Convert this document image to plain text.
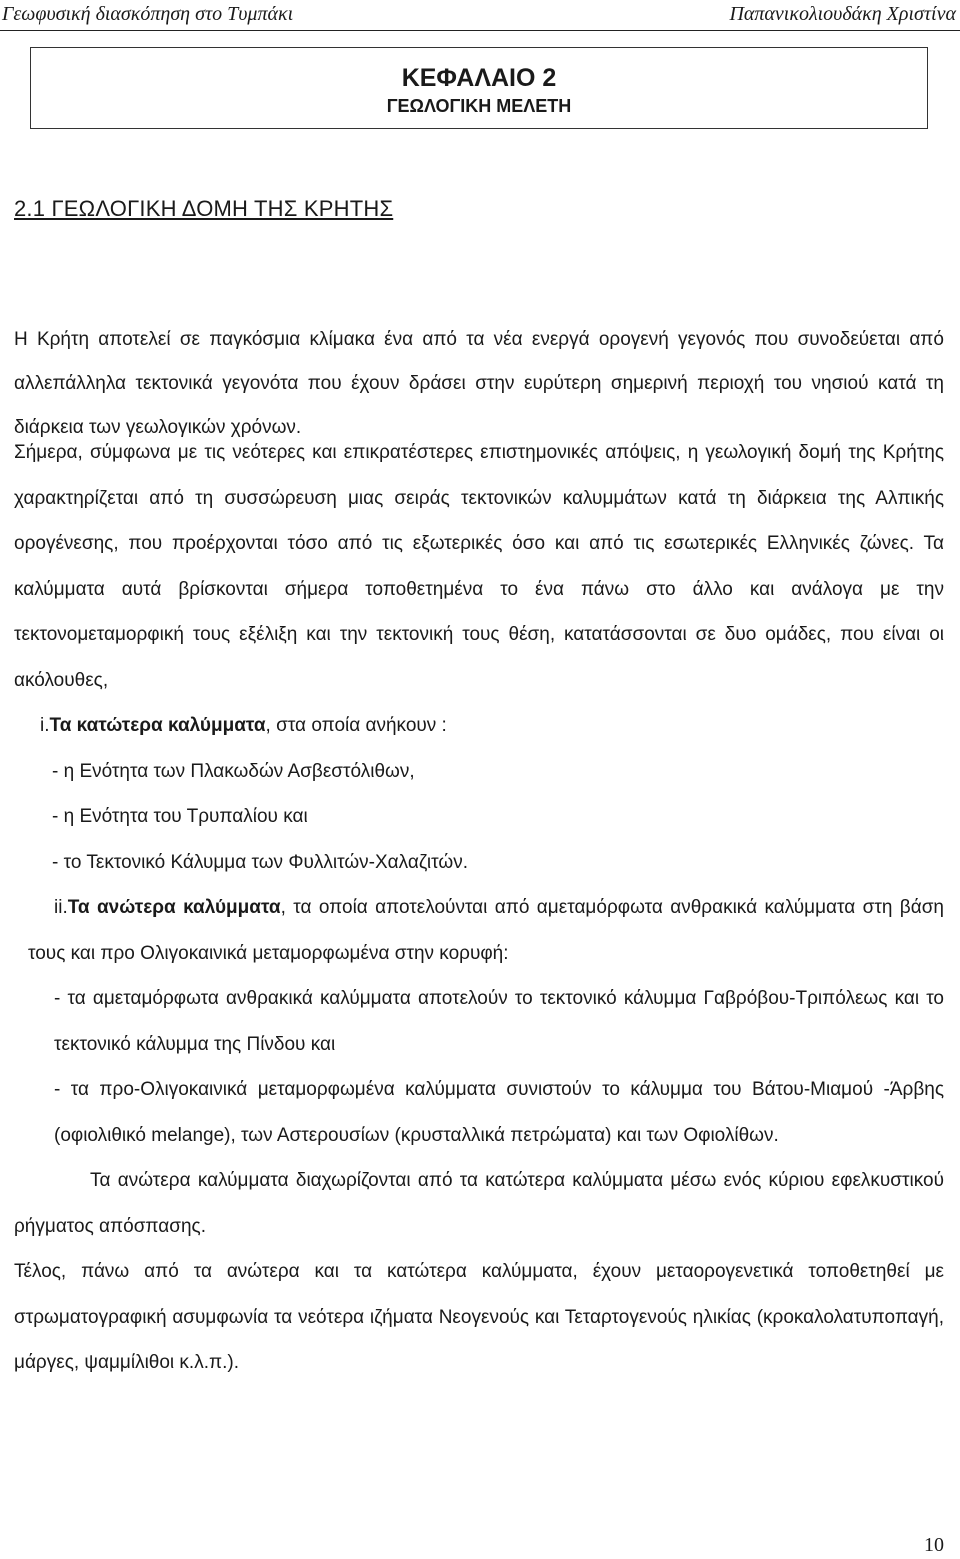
Γεωφυσική διασκόπηση στο Τυμπάκι	Παπανικολιουδάκη Χριστίνα
ΚΕΦΑΛΑΙΟ 2
ΓΕΩΛΟΓΙΚΗ ΜΕΛΕΤΗ
2.1 ΓΕΩΛΟΓΙΚΗ ΔΟΜΗ ΤΗΣ ΚΡΗΤΗΣ

Η Κρήτη αποτελεί σε παγκόσμια κλίμακα ένα από τα νέα ενεργά ορογενή γεγονός που συνοδεύεται από αλλεπάλληλα τεκτονικά γεγονότα που έχουν δράσει στην ευρύτερη σημερινή περιοχή του νησιού κατά τη διάρκεια των γεωλογικών χρόνων.

Σήμερα, σύμφωνα με τις νεότερες και επικρατέστερες επιστημονικές απόψεις, η γεωλογική δομή της Κρήτης χαρακτηρίζεται από τη συσσώρευση μιας σειράς τεκτονικών καλυμμάτων κατά τη διάρκεια της Αλπικής ορογένεσης, που προέρχονται τόσο από τις εξωτερικές όσο και από τις εσωτερικές Ελληνικές ζώνες. Τα καλύμματα αυτά βρίσκονται σήμερα τοποθετημένα το ένα πάνω στο άλλο και ανάλογα με την τεκτονομεταμορφική τους εξέλιξη και την τεκτονική τους θέση, κατατάσσονται σε δυο ομάδες, που είναι οι ακόλουθες,

i.Τα κατώτερα καλύμματα, στα οποία ανήκουν :

- η Ενότητα των Πλακωδών Ασβεστόλιθων,

- η Ενότητα του Τρυπαλίου και

- το Τεκτονικό Κάλυμμα των Φυλλιτών-Χαλαζιτών.

ii.Τα ανώτερα καλύμματα, τα οποία αποτελούνται από αμεταμόρφωτα ανθρακικά καλύμματα στη βάση τους και προ Ολιγοκαινικά μεταμορφωμένα στην κορυφή:

- τα αμεταμόρφωτα ανθρακικά καλύμματα αποτελούν το τεκτονικό κάλυμμα Γαβρόβου-Τριπόλεως και το τεκτονικό κάλυμμα της Πίνδου και

- τα προ-Ολιγοκαινικά μεταμορφωμένα καλύμματα συνιστούν το κάλυμμα του Βάτου-Μιαμού -Άρβης (οφιολιθικό melange), των Αστερουσίων (κρυσταλλικά πετρώματα) και των Οφιολίθων.

Τα ανώτερα καλύμματα διαχωρίζονται από τα κατώτερα καλύμματα μέσω ενός κύριου εφελκυστικού ρήγματος απόσπασης.

Τέλος, πάνω από τα ανώτερα και τα κατώτερα καλύμματα, έχουν μεταορογενετικά τοποθετηθεί με στρωματογραφική ασυμφωνία τα νεότερα ιζήματα Νεογενούς και Τεταρτογενούς ηλικίας (κροκαλολατυποπαγή, μάργες, ψαμμίλιθοι κ.λ.π.).

10
